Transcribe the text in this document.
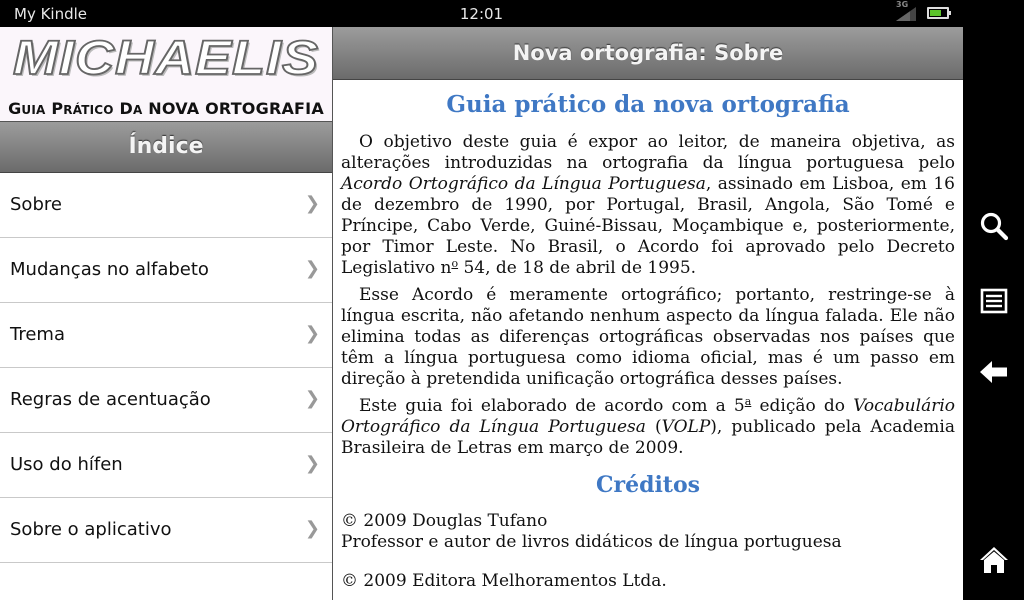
My Kindle	12:01
3G
MICHAELIS
GUIA PRÁTICO DA NOVA ORTOGRAFIA
Índice
Sobre	❯
Mudanças no alfabeto	❯
Trema	❯
Regras de acentuação	❯
Uso do hífen	❯
Sobre o aplicativo	❯
Nova ortografia: Sobre
Guia prático da nova ortografia

O objetivo deste guia é expor ao leitor, de maneira objetiva, as alterações introduzidas na ortografia da língua portuguesa pelo Acordo Ortográfico da Língua Portuguesa, assinado em Lisboa, em 16 de dezembro de 1990, por Portugal, Brasil, Angola, São Tomé e Príncipe, Cabo Verde, Guiné-Bissau, Moçambique e, posteriormente, por Timor Leste. No Brasil, o Acordo foi aprovado pelo Decreto Legislativo $n^o$ 54, de 18 de abril de 1995.

Esse Acordo é meramente ortográfico; portanto, restringe-se à língua escrita, não afetando nenhum aspecto da língua falada. Ele não elimina todas as diferenças ortográficas observadas nos países que têm a língua portuguesa como idioma oficial, mas é um passo em direção à pretendida unificação ortográfica desses países.

Este guia foi elaborado de acordo com a 5$^a$ edição do Vocabulário Ortográfico da Língua Portuguesa (VOLP), publicado pela Academia Brasileira de Letras em março de 2009.

Créditos

© 2009 Douglas Tufano

Professor e autor de livros didáticos de língua portuguesa

© 2009 Editora Melhoramentos Ltda.
